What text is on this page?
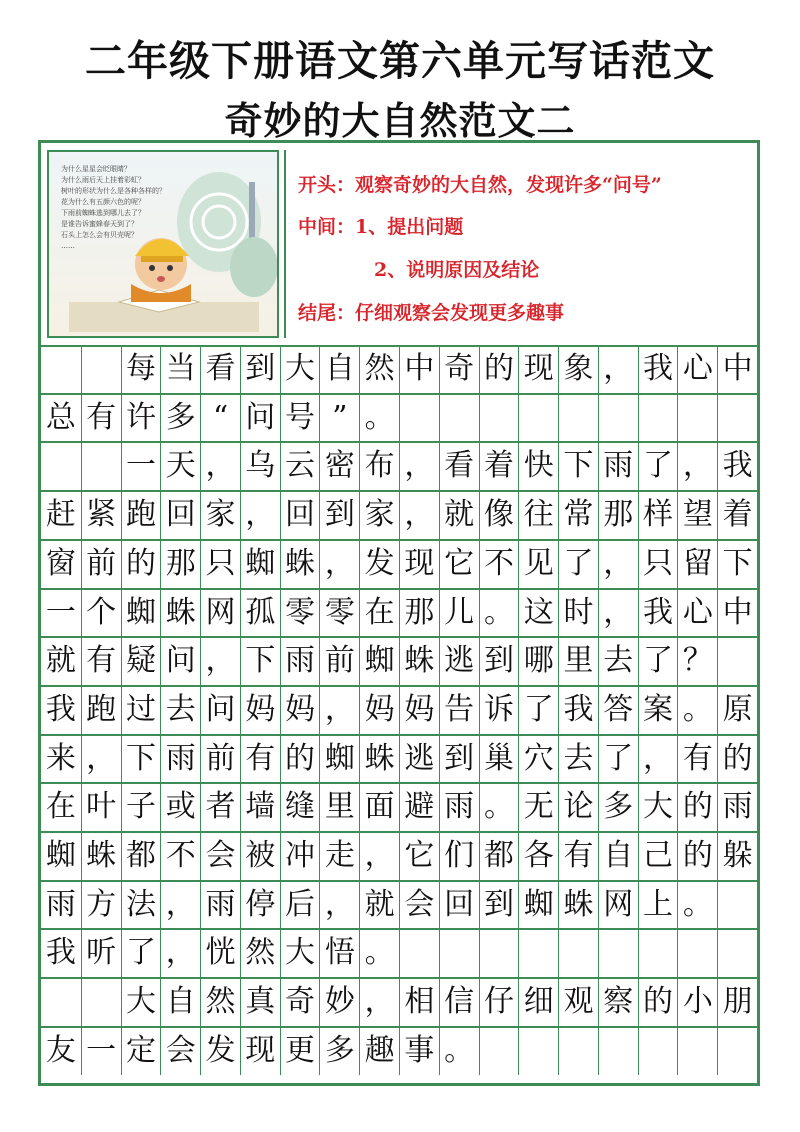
二年级下册语文第六单元写话范文
奇妙的大自然范文二
为什么星星会眨眼睛？
为什么雨后天上挂着彩虹？
树叶的形状为什么是各种各样的？
花为什么有五颜六色的呢？
下雨前蜘蛛逃到哪儿去了？
是谁告诉蜜蜂春天到了？
石头上怎么会有贝壳呢？
……
开头：观察奇妙的大自然，发现许多“问号”
中间：1、提出问题
2、说明原因及结论
结尾：仔细观察会发现更多趣事
每 当 看 到 大 自 然 中 奇 的 现 象 ， 我 心 中
总 有 许 多 “ 问 号 ” 。
一 天 ， 乌 云 密 布 ， 看 着 快 下 雨 了 ， 我
赶 紧 跑 回 家 ， 回 到 家 ， 就 像 往 常 那 样 望 着
窗 前 的 那 只 蜘 蛛 ， 发 现 它 不 见 了 ， 只 留 下
一 个 蜘 蛛 网 孤 零 零 在 那 儿 。 这 时 ， 我 心 中
就 有 疑 问 ， 下 雨 前 蜘 蛛 逃 到 哪 里 去 了 ？
我 跑 过 去 问 妈 妈 ， 妈 妈 告 诉 了 我 答 案 。 原
来 ， 下 雨 前 有 的 蜘 蛛 逃 到 巢 穴 去 了 ， 有 的
在 叶 子 或 者 墙 缝 里 面 避 雨 。 无 论 多 大 的 雨
蜘 蛛 都 不 会 被 冲 走 ， 它 们 都 各 有 自 己 的 躲
雨 方 法 ， 雨 停 后 ， 就 会 回 到 蜘 蛛 网 上 。
我 听 了 ， 恍 然 大 悟 。
大 自 然 真 奇 妙 ， 相 信 仔 细 观 察 的 小 朋
友 一 定 会 发 现 更 多 趣 事 。
